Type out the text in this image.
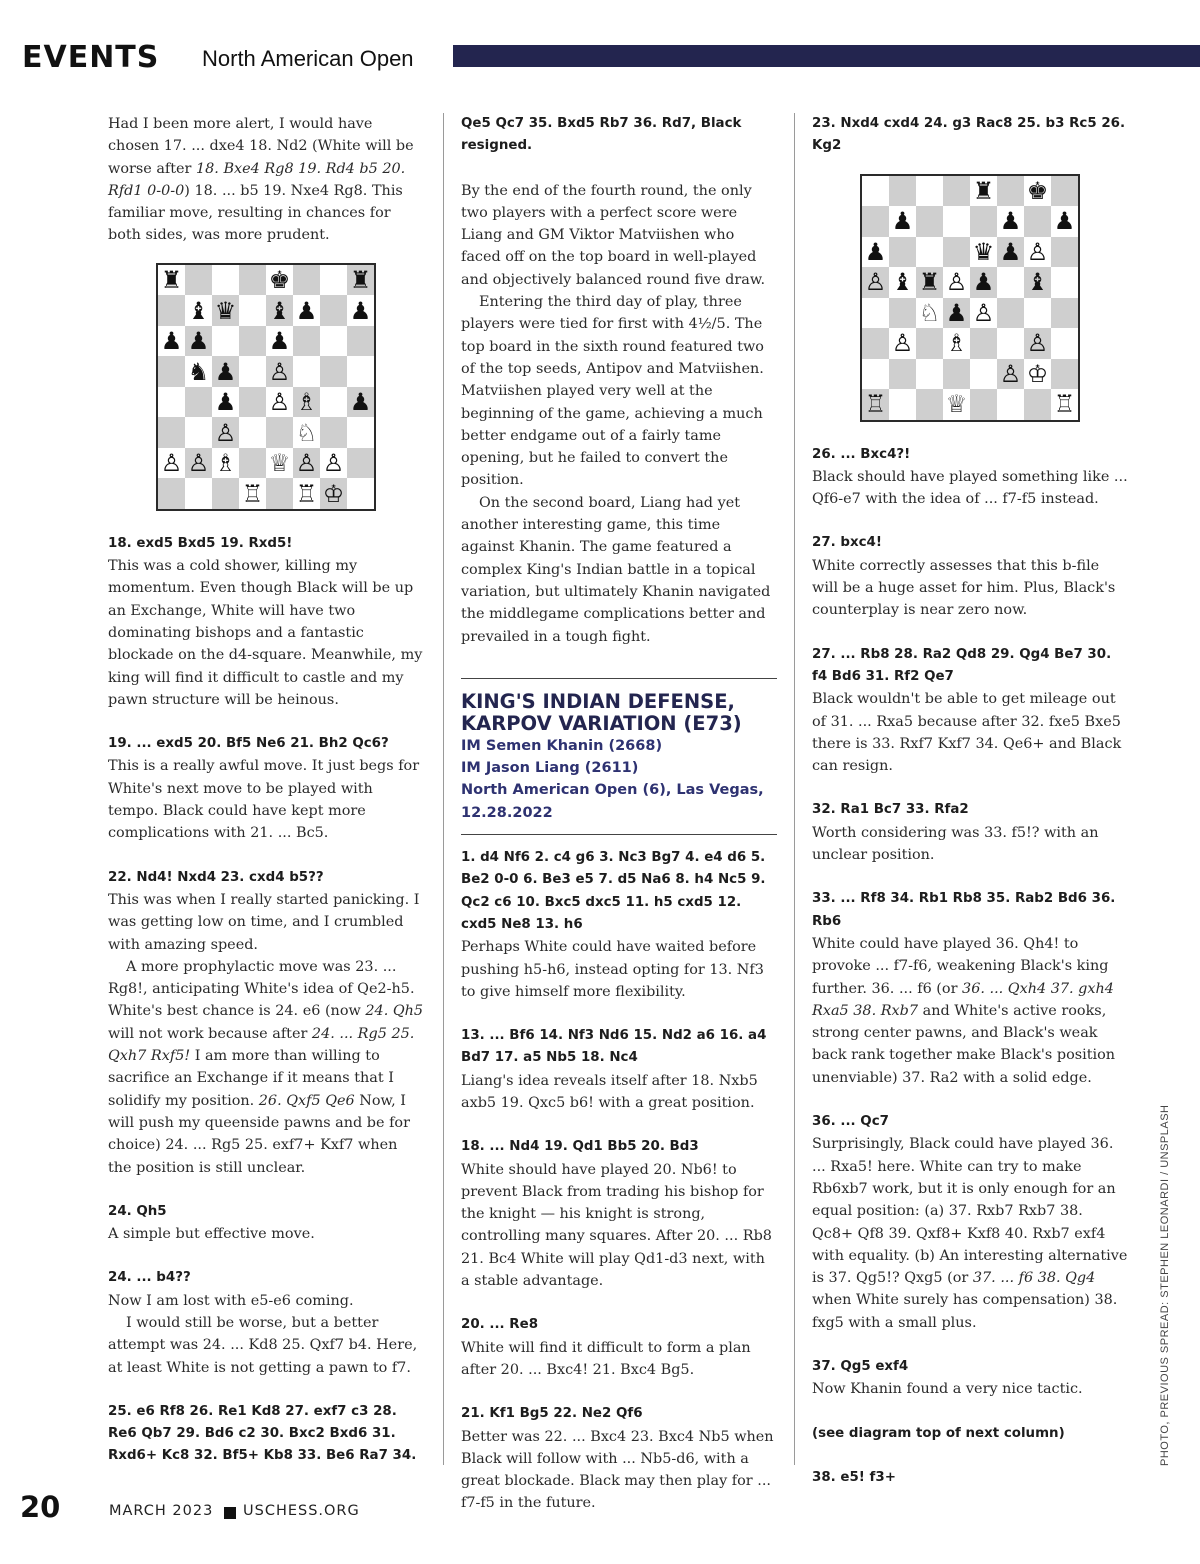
EVENTS North American Open

Had I been more alert, I would have chosen 17. ... dxe4 18. Nd2 (White will be worse after 18. Bxe4 Rg8 19. Rd4 b5 20. Rfd1 0-0-0) 18. ... b5 19. Nxe4 Rg8. This familiar move, resulting in chances for both sides, was more prudent.

♜	♚ ♜
♝ ♛ ♝ ♟ ♟
♟ ♟ ♟
♞ ♟ ♙
♟ ♙ ♗ ♟
♙ ♘
♙ ♙ ♗ ♕ ♙ ♙
♖ ♖ ♔
18. exd5 Bxd5 19. Rxd5!

This was a cold shower, killing my momentum. Even though Black will be up an Exchange, White will have two dominating bishops and a fantastic blockade on the d4-square. Meanwhile, my king will find it difficult to castle and my pawn structure will be heinous.

19. ... exd5 20. Bf5 Ne6 21. Bh2 Qc6?

This is a really awful move. It just begs for White's next move to be played with tempo. Black could have kept more complications with 21. ... Bc5.

22. Nd4! Nxd4 23. cxd4 b5??

This was when I really started panicking. I was getting low on time, and I crumbled with amazing speed.

A more prophylactic move was 23. ... Rg8!, anticipating White's idea of Qe2-h5. White's best chance is 24. e6 (now 24. Qh5 will not work because after 24. ... Rg5 25. Qxh7 Rxf5! I am more than willing to sacrifice an Exchange if it means that I solidify my position. 26. Qxf5 Qe6 Now, I will push my queenside pawns and be for choice) 24. ... Rg5 25. exf7+ Kxf7 when the position is still unclear.

24. Qh5

A simple but effective move.

24. ... b4??

Now I am lost with e5-e6 coming.

I would still be worse, but a better attempt was 24. ... Kd8 25. Qxf7 b4. Here, at least White is not getting a pawn to f7.

25. e6 Rf8 26. Re1 Kd8 27. exf7 c3 28. Re6 Qb7 29. Bd6 c2 30. Bxc2 Bxd6 31. Rxd6+ Kc8 32. Bf5+ Kb8 33. Be6 Ra7 34.
Qe5 Qc7 35. Bxd5 Rb7 36. Rd7, Black resigned.

By the end of the fourth round, the only two players with a perfect score were Liang and GM Viktor Matviishen who faced off on the top board in well-played and objectively balanced round five draw.

Entering the third day of play, three players were tied for first with 4½/5. The top board in the sixth round featured two of the top seeds, Antipov and Matviishen. Matviishen played very well at the beginning of the game, achieving a much better endgame out of a fairly tame opening, but he failed to convert the position.

On the second board, Liang had yet another interesting game, this time against Khanin. The game featured a complex King's Indian battle in a topical variation, but ultimately Khanin navigated the middlegame complications better and prevailed in a tough fight.

KING'S INDIAN DEFENSE,
KARPOV VARIATION (E73)
IM Semen Khanin (2668)
IM Jason Liang (2611)
North American Open (6), Las Vegas,
12.28.2022
1. d4 Nf6 2. c4 g6 3. Nc3 Bg7 4. e4 d6 5. Be2 0-0 6. Be3 e5 7. d5 Na6 8. h4 Nc5 9. Qc2 c6 10. Bxc5 dxc5 11. h5 cxd5 12. cxd5 Ne8 13. h6

Perhaps White could have waited before pushing h5-h6, instead opting for 13. Nf3 to give himself more flexibility.

13. ... Bf6 14. Nf3 Nd6 15. Nd2 a6 16. a4 Bd7 17. a5 Nb5 18. Nc4

Liang's idea reveals itself after 18. Nxb5 axb5 19. Qxc5 b6! with a great position.

18. ... Nd4 19. Qd1 Bb5 20. Bd3

White should have played 20. Nb6! to prevent Black from trading his bishop for the knight — his knight is strong, controlling many squares. After 20. ... Rb8 21. Bc4 White will play Qd1-d3 next, with a stable advantage.

20. ... Re8

White will find it difficult to form a plan after 20. ... Bxc4! 21. Bxc4 Bg5.

21. Kf1 Bg5 22. Ne2 Qf6

Better was 22. ... Bxc4 23. Bxc4 Nb5 when Black will follow with ... Nb5-d6, with a great blockade. Black may then play for ... f7-f5 in the future.

23. Nxd4 cxd4 24. g3 Rac8 25. b3 Rc5 26. Kg2
♜ ♚
♟	♟ ♟
♟	♛ ♟ ♙
♙ ♝ ♜ ♙ ♟ ♝
♘ ♟ ♙
♙ ♗ ♙
♙ ♔
♖ ♕	♖
26. ... Bxc4?!

Black should have played something like ... Qf6-e7 with the idea of ... f7-f5 instead.

27. bxc4!

White correctly assesses that this b-file will be a huge asset for him. Plus, Black's counterplay is near zero now.

27. ... Rb8 28. Ra2 Qd8 29. Qg4 Be7 30. f4 Bd6 31. Rf2 Qe7

Black wouldn't be able to get mileage out of 31. ... Rxa5 because after 32. fxe5 Bxe5 there is 33. Rxf7 Kxf7 34. Qe6+ and Black can resign.

32. Ra1 Bc7 33. Rfa2

Worth considering was 33. f5!? with an unclear position.

33. ... Rf8 34. Rb1 Rb8 35. Rab2 Bd6 36. Rb6

White could have played 36. Qh4! to provoke ... f7-f6, weakening Black's king further. 36. ... f6 (or 36. ... Qxh4 37. gxh4 Rxa5 38. Rxb7 and White's active rooks, strong center pawns, and Black's weak back rank together make Black's position unenviable) 37. Ra2 with a solid edge.

36. ... Qc7

Surprisingly, Black could have played 36. ... Rxa5! here. White can try to make Rb6xb7 work, but it is only enough for an equal position: (a) 37. Rxb7 Rxb7 38. Qc8+ Qf8 39. Qxf8+ Kxf8 40. Rxb7 exf4 with equality. (b) An interesting alternative is 37. Qg5!? Qxg5 (or 37. ... f6 38. Qg4 when White surely has compensation) 38. fxg5 with a small plus.

37. Qg5 exf4

Now Khanin found a very nice tactic.

(see diagram top of next column)
38. e5! f3+
PHOTO, PREVIOUS SPREAD: STEPHEN LEONARDI / UNSPLASH
20	MARCH 2023 USCHESS.ORG
